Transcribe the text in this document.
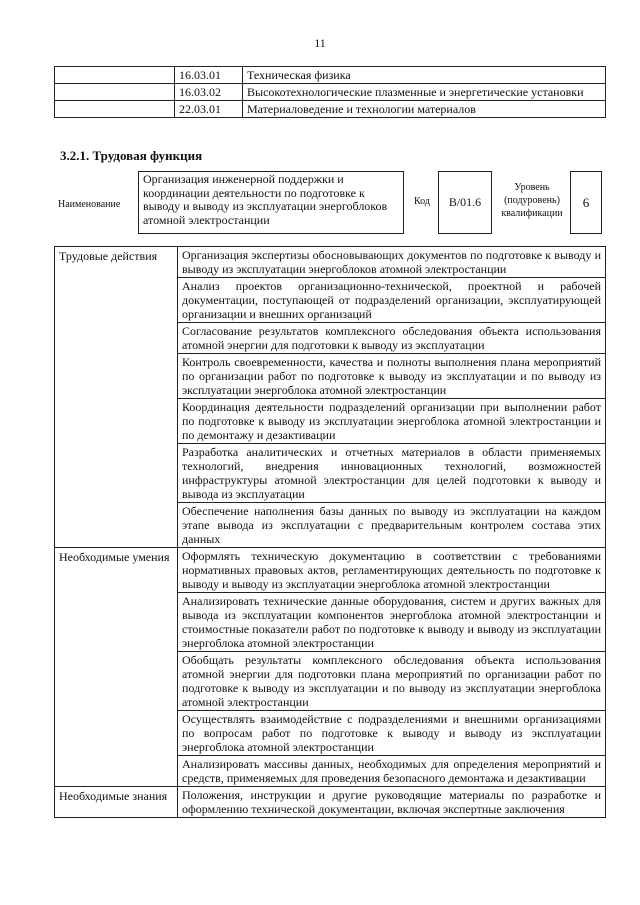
11
	16.03.01	Техническая физика
	16.03.02	Высокотехнологические плазменные и энергетические установки
	22.03.01	Материаловедение и технологии материалов
3.2.1. Трудовая функция
Наименование
Организация инженерной поддержки и координации деятельности по подготовке к выводу и выводу из эксплуатации энергоблоков атомной электростанции
Код	B/01.6
Уровень (подуровень) квалификации
6
Трудовые действия	Организация экспертизы обосновывающих документов по подготовке к выводу и выводу из эксплуатации энергоблоков атомной электростанции
	Анализ проектов организационно-технической, проектной и рабочей документации, поступающей от подразделений организации, эксплуатирующей организации и внешних организаций
	Согласование результатов комплексного обследования объекта использования атомной энергии для подготовки к выводу из эксплуатации
	Контроль своевременности, качества и полноты выполнения плана мероприятий по организации работ по подготовке к выводу из эксплуатации и по выводу из эксплуатации энергоблока атомной электростанции
	Координация деятельности подразделений организации при выполнении работ по подготовке к выводу из эксплуатации энергоблока атомной электростанции и по демонтажу и дезактивации
	Разработка аналитических и отчетных материалов в области применяемых технологий, внедрения инновационных технологий, возможностей инфраструктуры атомной электростанции для целей подготовки к выводу и вывода из эксплуатации
	Обеспечение наполнения базы данных по выводу из эксплуатации на каждом этапе вывода из эксплуатации с предварительным контролем состава этих данных
Необходимые умения	Оформлять техническую документацию в соответствии с требованиями нормативных правовых актов, регламентирующих деятельность по подготовке к выводу и выводу из эксплуатации энергоблока атомной электростанции
	Анализировать технические данные оборудования, систем и других важных для вывода из эксплуатации компонентов энергоблока атомной электростанции и стоимостные показатели работ по подготовке к выводу и выводу из эксплуатации энергоблока атомной электростанции
	Обобщать результаты комплексного обследования объекта использования атомной энергии для подготовки плана мероприятий по организации работ по подготовке к выводу из эксплуатации и по выводу из эксплуатации энергоблока атомной электростанции
	Осуществлять взаимодействие с подразделениями и внешними организациями по вопросам работ по подготовке к выводу и выводу из эксплуатации энергоблока атомной электростанции
	Анализировать массивы данных, необходимых для определения мероприятий и средств, применяемых для проведения безопасного демонтажа и дезактивации
Необходимые знания	Положения, инструкции и другие руководящие материалы по разработке и оформлению технической документации, включая экспертные заключения
